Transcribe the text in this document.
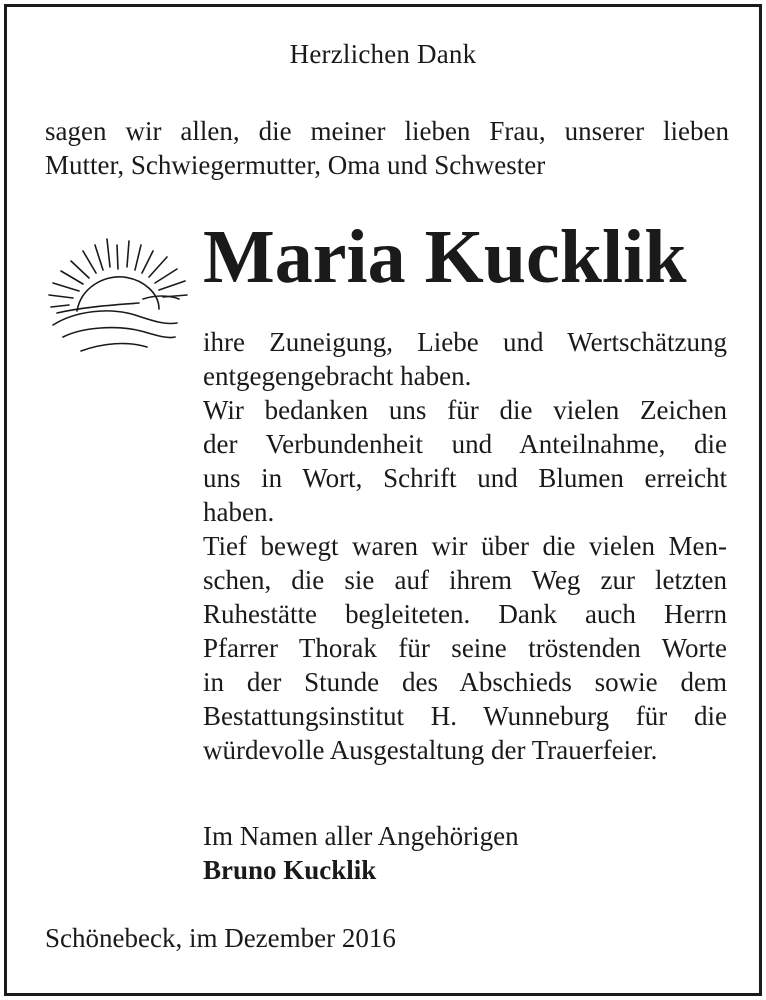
Herzlichen Dank
sagen wir allen, die meiner lieben Frau, unserer lieben
Mutter, Schwiegermutter, Oma und Schwester
Maria Kucklik
ihre Zuneigung, Liebe und Wertschätzung
entgegengebracht haben.
Wir bedanken uns für die vielen Zeichen
der Verbundenheit und Anteilnahme, die
uns in Wort, Schrift und Blumen erreicht
haben.
Tief bewegt waren wir über die vielen Men-
schen, die sie auf ihrem Weg zur letzten
Ruhestätte begleiteten. Dank auch Herrn
Pfarrer Thorak für seine tröstenden Worte
in der Stunde des Abschieds sowie dem
Bestattungsinstitut H. Wunneburg für die
würdevolle Ausgestaltung der Trauerfeier.
Im Namen aller Angehörigen
Bruno Kucklik
Schönebeck, im Dezember 2016
